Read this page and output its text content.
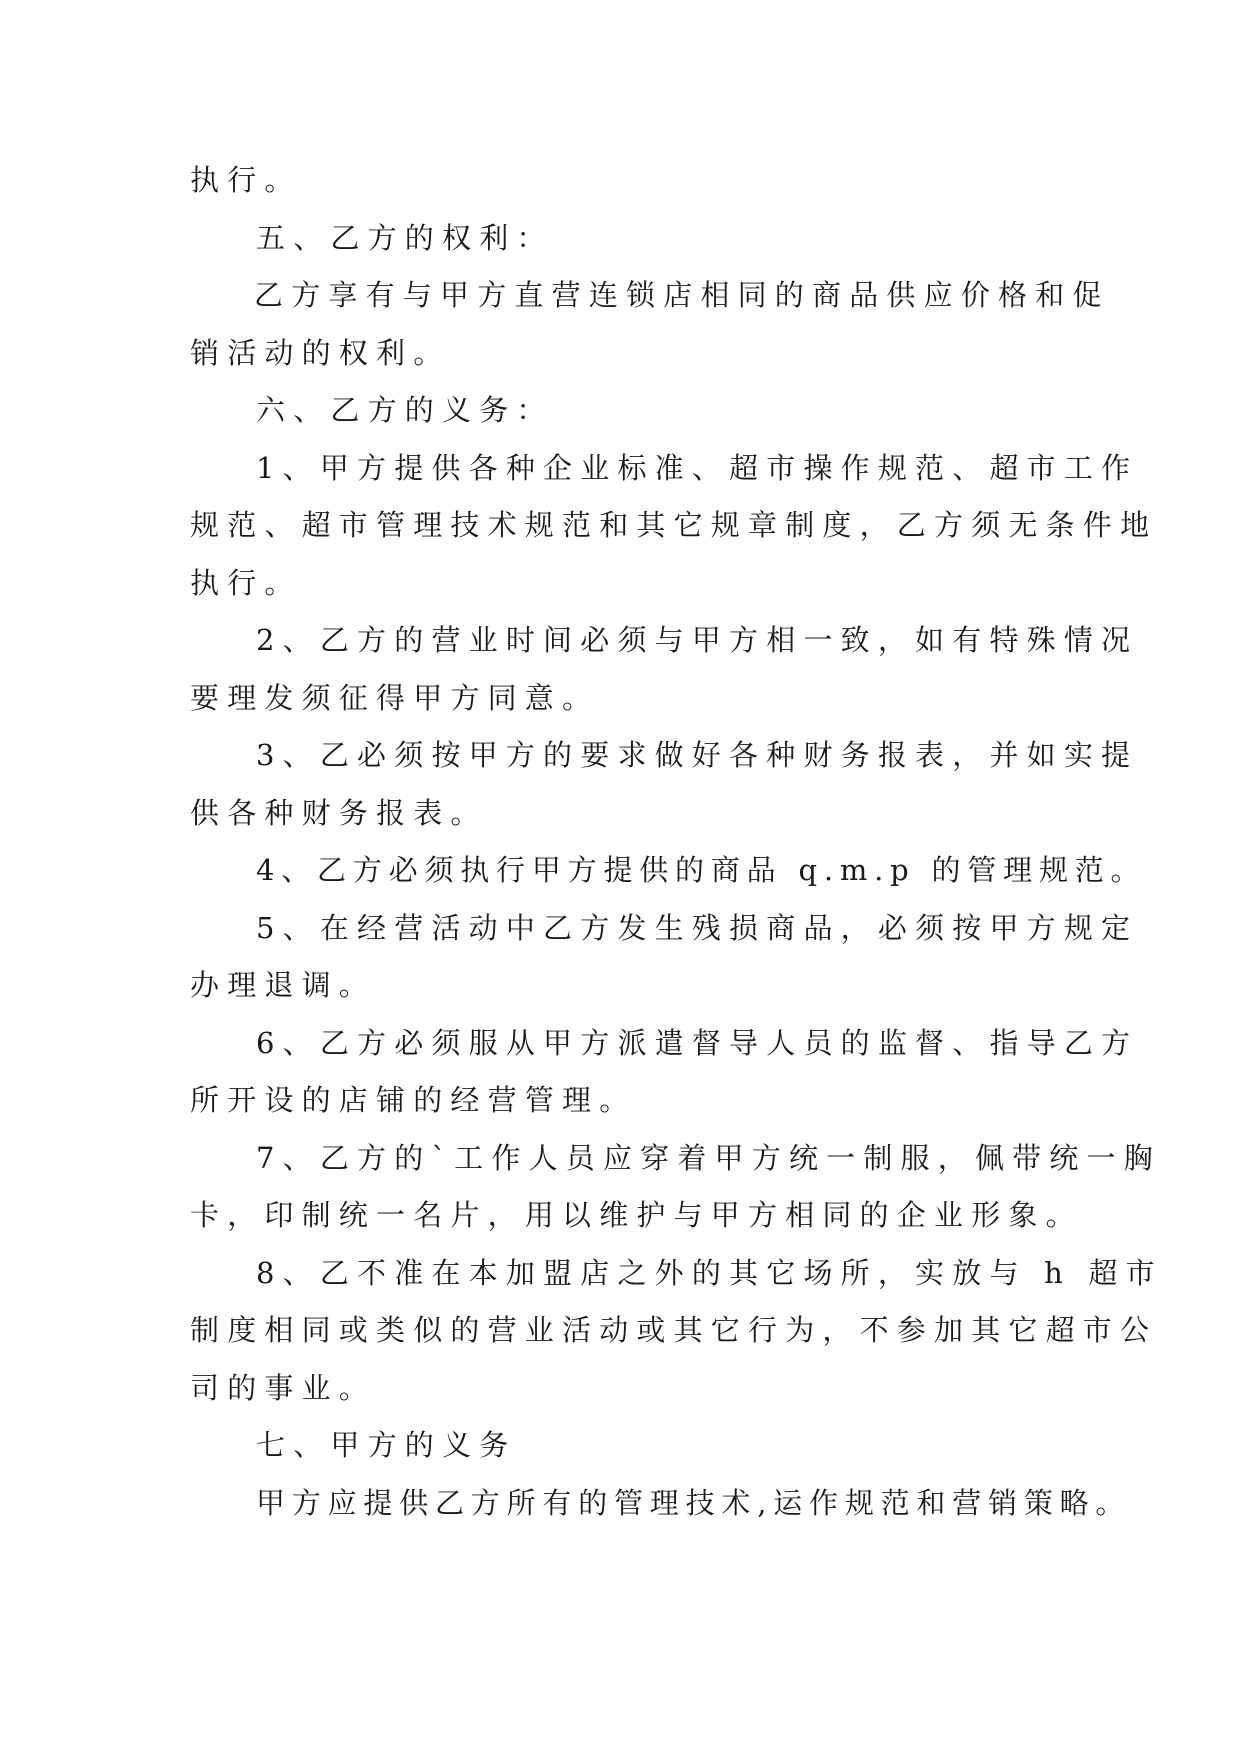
执行。
五、乙方的权利：
乙方享有与甲方直营连锁店相同的商品供应价格和促
销活动的权利。
六、乙方的义务：
1、甲方提供各种企业标准、超市操作规范、超市工作
规范、超市管理技术规范和其它规章制度，乙方须无条件地
执行。
2、乙方的营业时间必须与甲方相一致，如有特殊情况
要理发须征得甲方同意。
3、乙必须按甲方的要求做好各种财务报表，并如实提
供各种财务报表。
4、乙方必须执行甲方提供的商品 q.m.p 的管理规范。
5、在经营活动中乙方发生残损商品，必须按甲方规定
办理退调。
6、乙方必须服从甲方派遣督导人员的监督、指导乙方
所开设的店铺的经营管理。
7、乙方的`工作人员应穿着甲方统一制服，佩带统一胸
卡，印制统一名片，用以维护与甲方相同的企业形象。
8、乙不准在本加盟店之外的其它场所，实放与 h 超市
制度相同或类似的营业活动或其它行为，不参加其它超市公
司的事业。
七、甲方的义务
甲方应提供乙方所有的管理技术,运作规范和营销策略。
